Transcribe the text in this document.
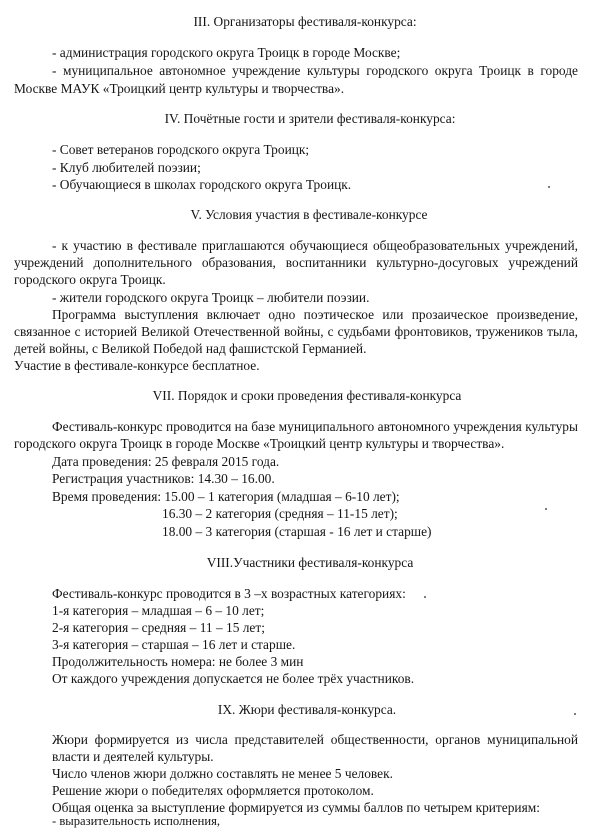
III. Организаторы фестиваля-конкурса:
- администрация городского округа Троицк в городе Москве;
- муниципальное автономное учреждение культуры городского округа Троицк в городе
Москве МАУК «Троицкий центр культуры и творчества».
IV. Почётные гости и зрители фестиваля-конкурса:
- Совет ветеранов городского округа Троицк;
- Клуб любителей поэзии;
- Обучающиеся в школах городского округа Троицк.
V. Условия участия в фестивале-конкурсе
- к участию в фестивале приглашаются обучающиеся общеобразовательных учреждений,
учреждений дополнительного образования, воспитанники культурно-досуговых учреждений
городского округа Троицк.
- жители городского округа Троицк – любители поэзии.
Программа выступления включает одно поэтическое или прозаическое произведение,
связанное с историей Великой Отечественной войны, с судьбами фронтовиков, тружеников тыла,
детей войны, с Великой Победой над фашистской Германией.
Участие в фестивале-конкурсе бесплатное.
VII. Порядок и сроки проведения фестиваля-конкурса
Фестиваль-конкурс проводится на базе муниципального автономного учреждения культуры
городского округа Троицк в городе Москве «Троицкий центр культуры и творчества».
Дата проведения: 25 февраля 2015 года.
Регистрация участников: 14.30 – 16.00.
Время проведения: 15.00 – 1 категория (младшая – 6-10 лет);
16.30 – 2 категория (средняя – 11-15 лет);
18.00 – 3 категория (старшая - 16 лет и старше)
VIII.Участники фестиваля-конкурса
Фестиваль-конкурс проводится в 3 –х возрастных категориях:
1-я категория – младшая – 6 – 10 лет;
2-я категория – средняя – 11 – 15 лет;
3-я категория – старшая – 16 лет и старше.
Продолжительность номера: не более 3 мин
От каждого учреждения допускается не более трёх участников.
IX. Жюри фестиваля-конкурса.
Жюри формируется из числа представителей общественности, органов муниципальной
власти и деятелей культуры.
Число членов жюри должно составлять не менее 5 человек.
Решение жюри о победителях оформляется протоколом.
Общая оценка за выступление формируется из суммы баллов по четырем критериям:
- выразительность исполнения,
